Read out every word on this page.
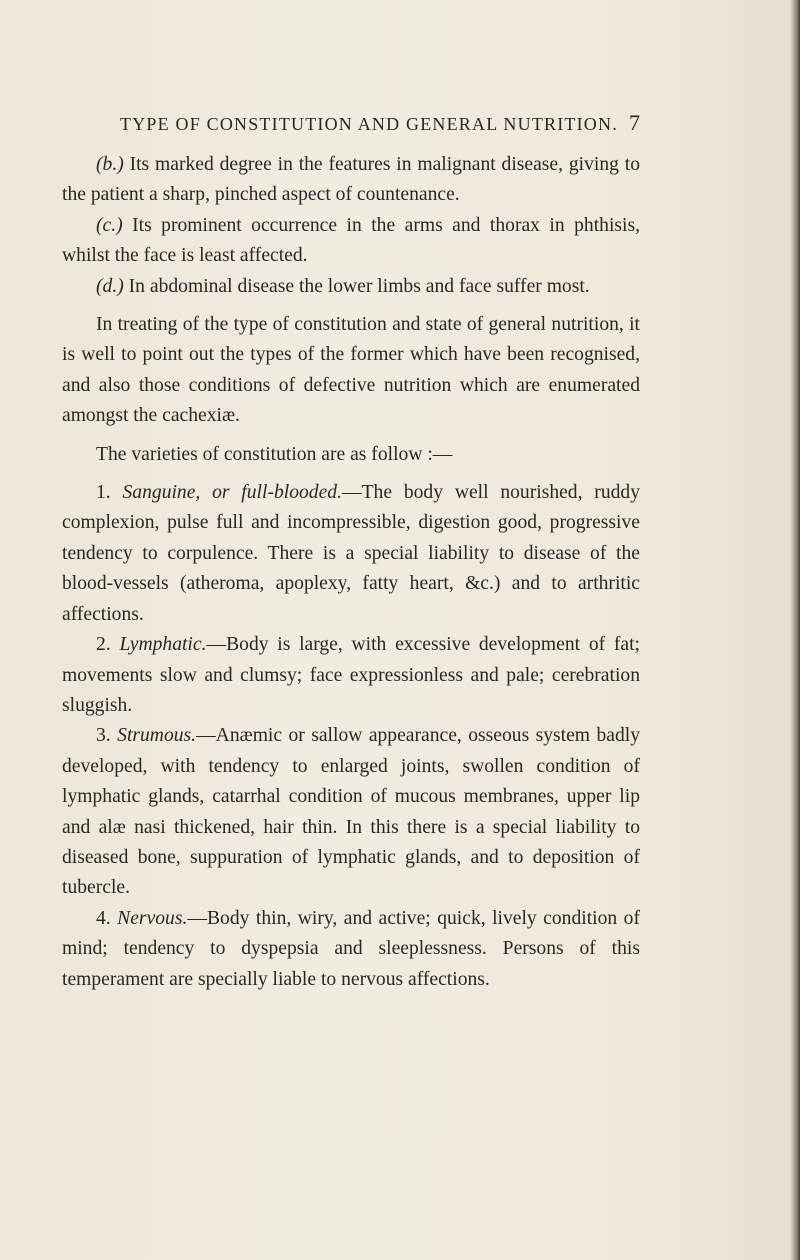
TYPE OF CONSTITUTION AND GENERAL NUTRITION. 7

(b.) Its marked degree in the features in malignant disease, giving to the patient a sharp, pinched aspect of countenance.

(c.) Its prominent occurrence in the arms and thorax in phthisis, whilst the face is least affected.

(d.) In abdominal disease the lower limbs and face suffer most.

In treating of the type of constitution and state of general nutrition, it is well to point out the types of the former which have been recognised, and also those conditions of defective nutrition which are enumerated amongst the cachexiæ.

The varieties of constitution are as follow :—

1. Sanguine, or full-blooded.—The body well nourished, ruddy complexion, pulse full and incompressible, digestion good, progressive tendency to corpulence. There is a special liability to disease of the blood-vessels (atheroma, apoplexy, fatty heart, &c.) and to arthritic affections.

2. Lymphatic.—Body is large, with excessive development of fat; movements slow and clumsy; face expressionless and pale; cerebration sluggish.

3. Strumous.—Anæmic or sallow appearance, osseous system badly developed, with tendency to enlarged joints, swollen condition of lymphatic glands, catarrhal condition of mucous membranes, upper lip and alæ nasi thickened, hair thin. In this there is a special liability to diseased bone, suppuration of lymphatic glands, and to deposition of tubercle.

4. Nervous.—Body thin, wiry, and active; quick, lively condition of mind; tendency to dyspepsia and sleeplessness. Persons of this temperament are specially liable to nervous affections.
